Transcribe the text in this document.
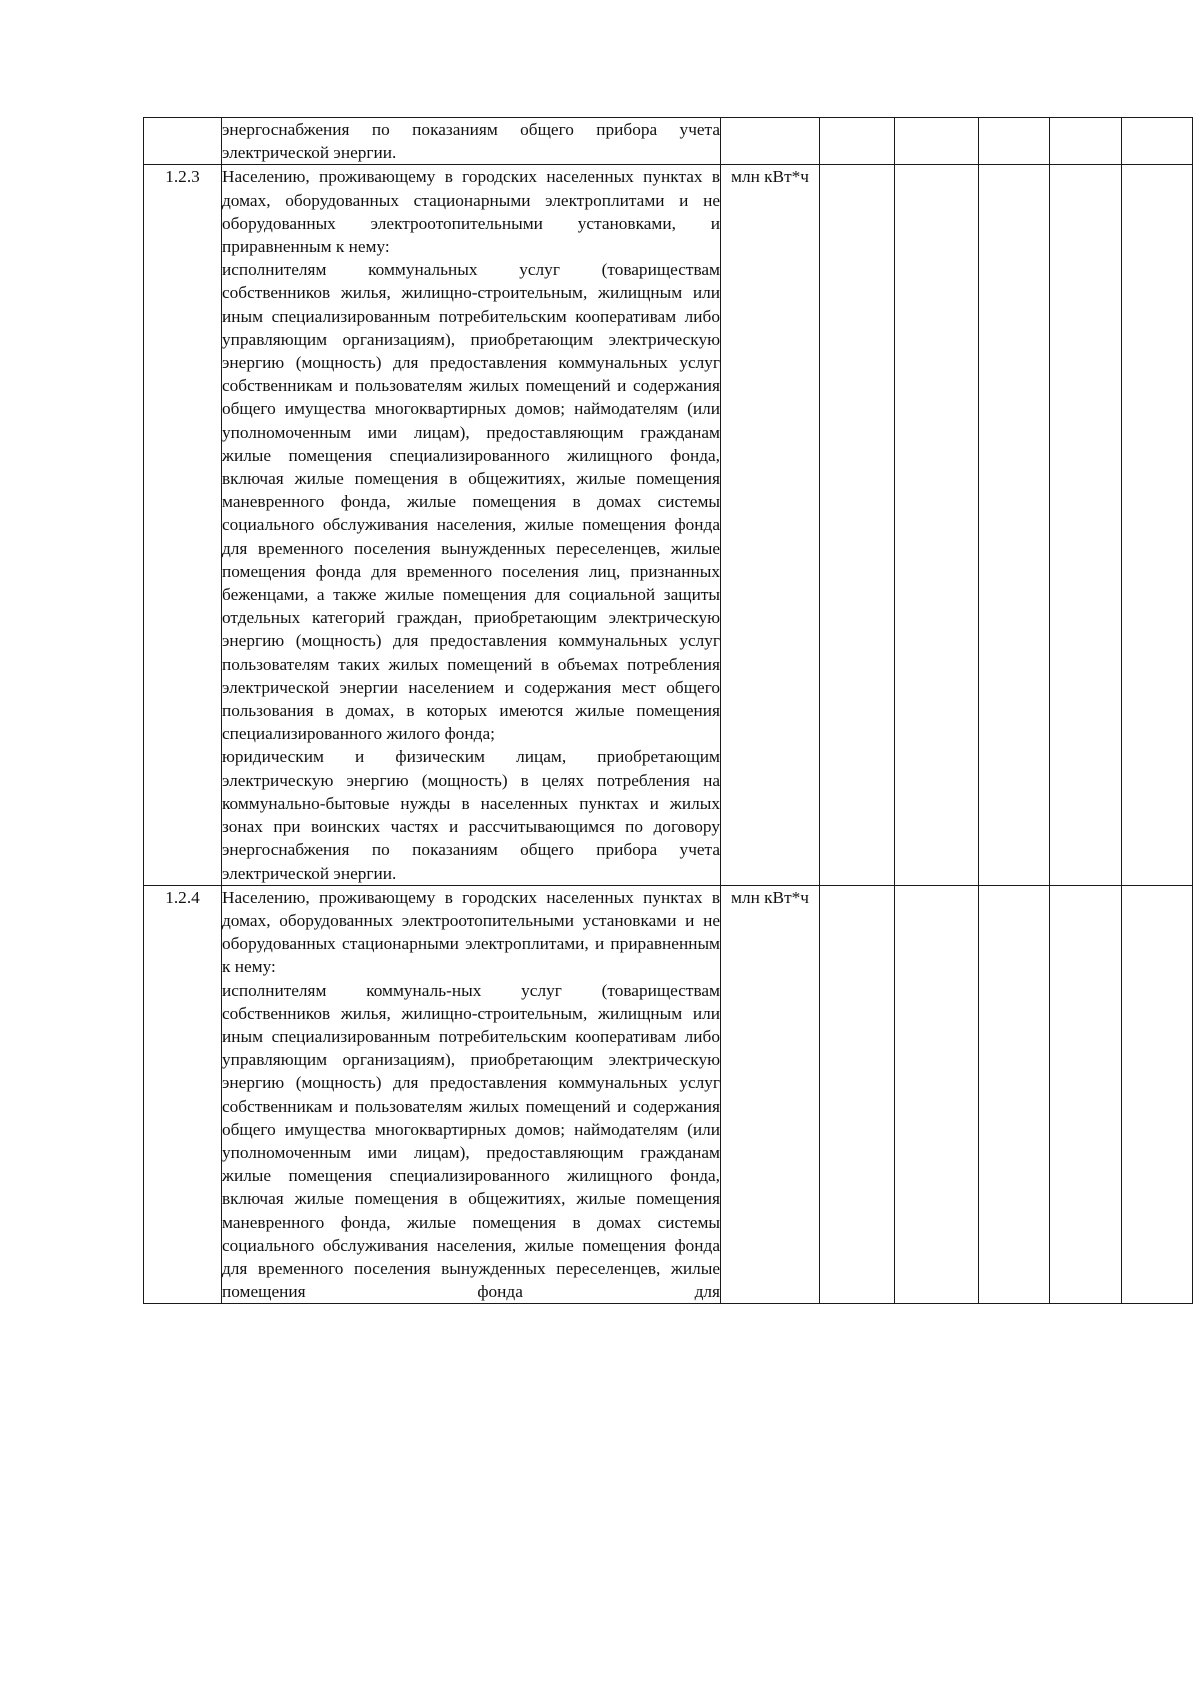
	энергоснабжения по показаниям общего прибора учета электрической энергии.						

1.2.3	Населению, проживающему в городских населенных пунктах в домах, оборудованных стационарными электроплитами и не оборудованных электроотопительными установками, и приравненным к нему:

исполнителям коммунальных услуг (товариществам собственников жилья, жилищно-строительным, жилищным или иным специализированным потребительским кооперативам либо управляющим организациям), приобретающим электрическую энергию (мощность) для предоставления коммунальных услуг собственникам и пользователям жилых помещений и содержания общего имущества многоквартирных домов; наймодателям (или уполномоченным ими лицам), предоставляющим гражданам жилые помещения специализированного жилищного фонда, включая жилые помещения в общежитиях, жилые помещения маневренного фонда, жилые помещения в домах системы социального обслуживания населения, жилые помещения фонда для временного поселения вынужденных переселенцев, жилые помещения фонда для временного поселения лиц, признанных беженцами, а также жилые помещения для социальной защиты отдельных категорий граждан, приобретающим электрическую энергию (мощность) для предоставления коммунальных услуг пользователям таких жилых помещений в объемах потребления электрической энергии населением и содержания мест общего пользования в домах, в которых имеются жилые помещения специализированного жилого фонда;

юридическим и физическим лицам, приобретающим электрическую энергию (мощность) в целях потребления на коммунально-бытовые нужды в населенных пунктах и жилых зонах при воинских частях и рассчитывающимся по договору энергоснабжения по показаниям общего прибора учета электрической энергии.	млн кВт*ч					
1.2.4	Населению, проживающему в городских населенных пунктах в домах, оборудованных электроотопительными установками и не оборудованных стационарными электроплитами, и приравненным к нему:

исполнителям коммуналь-ных услуг (товариществам собственников жилья, жилищно-строительным, жилищным или иным специализированным потребительским кооперативам либо управляющим организациям), приобретающим электрическую энергию (мощность) для предоставления коммунальных услуг собственникам и пользователям жилых помещений и содержания общего имущества многоквартирных домов; наймодателям (или уполномоченным ими лицам), предоставляющим гражданам жилые помещения специализированного жилищного фонда, включая жилые помещения в общежитиях, жилые помещения маневренного фонда, жилые помещения в домах системы социального обслуживания населения, жилые помещения фонда для временного поселения вынужденных переселенцев, жилые помещения фонда для	млн кВт*ч					
